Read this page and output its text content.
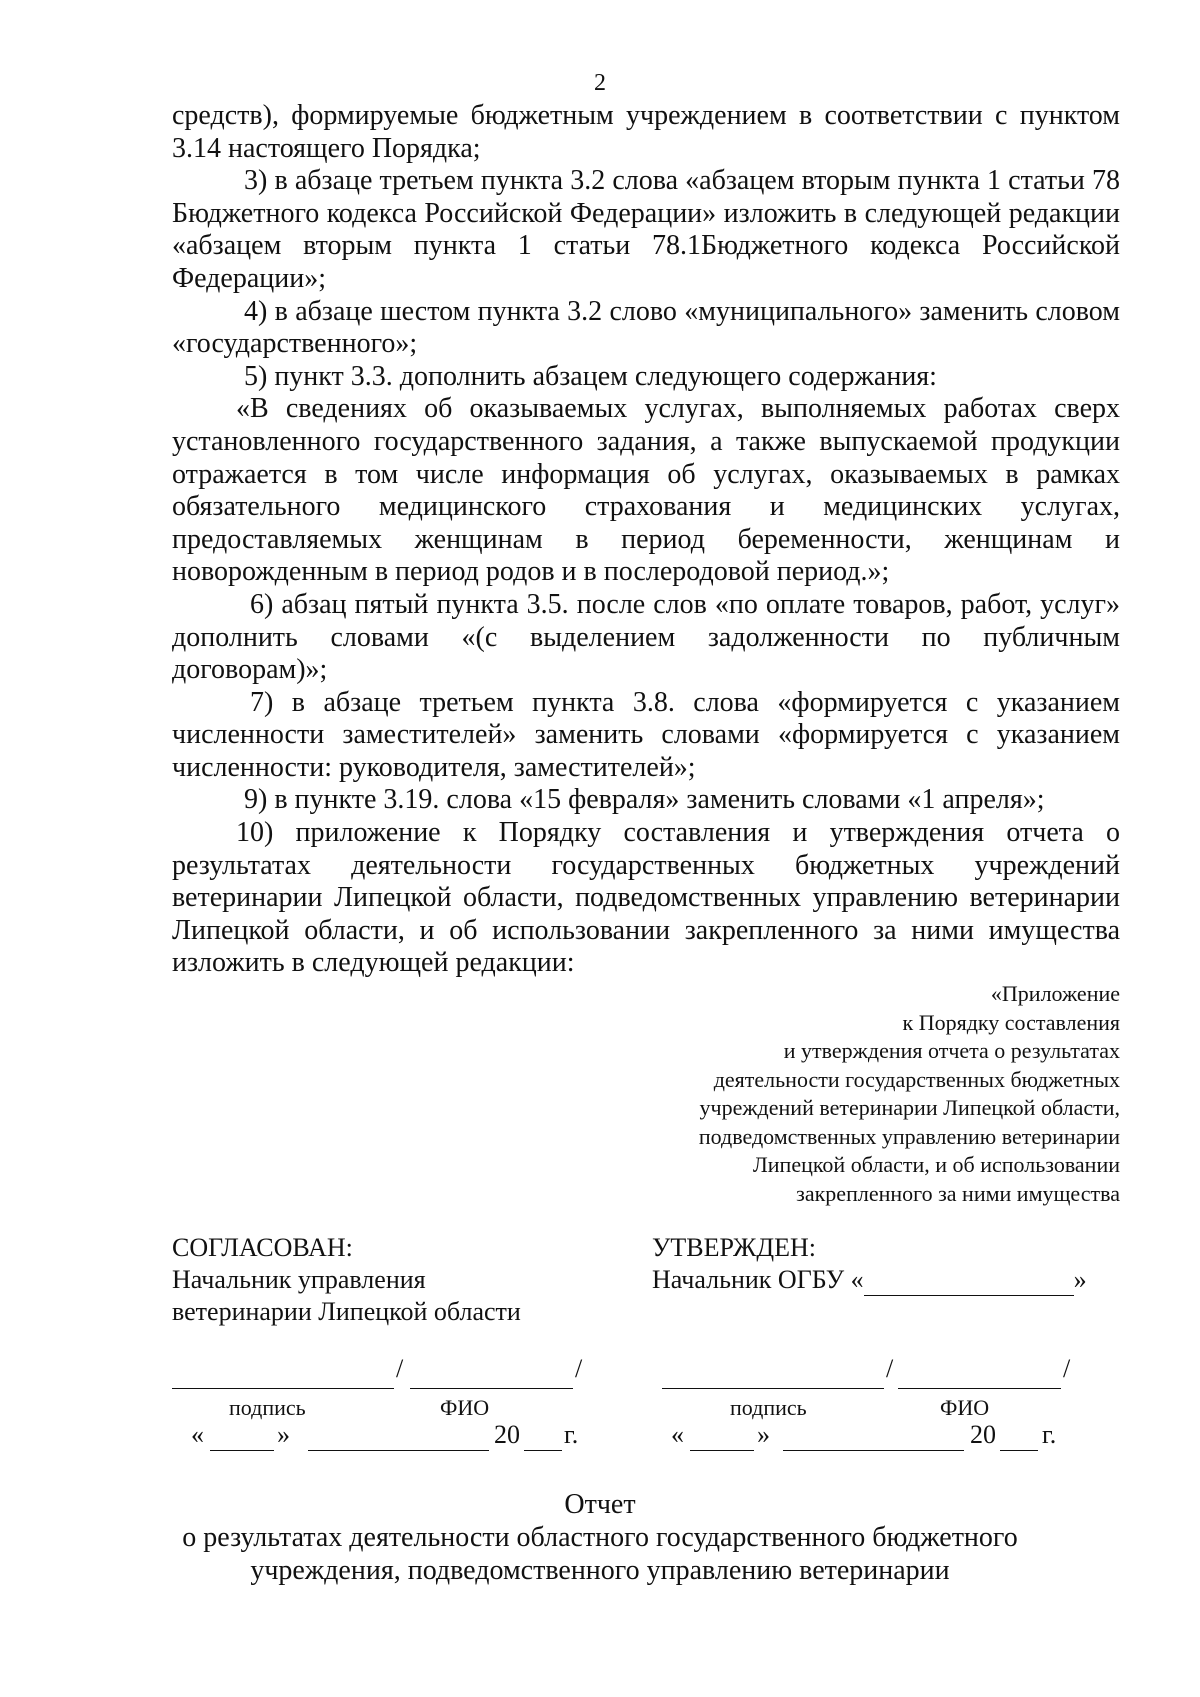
2

средств), формируемые бюджетным учреждением в соответствии с пунктом 3.14 настоящего Порядка;

3) в абзаце третьем пункта 3.2 слова «абзацем вторым пункта 1 статьи 78 Бюджетного кодекса Российской Федерации» изложить в следующей редакции «абзацем вторым пункта 1 статьи 78.1Бюджетного кодекса Российской Федерации»;

4) в абзаце шестом пункта 3.2 слово «муниципального» заменить словом «государственного»;

5) пункт 3.3. дополнить абзацем следующего содержания:

«В сведениях об оказываемых услугах, выполняемых работах сверх установленного государственного задания, а также выпускаемой продукции отражается в том числе информация об услугах, оказываемых в рамках обязательного медицинского страхования и медицинских услугах, предоставляемых женщинам в период беременности, женщинам и новорожденным в период родов и в послеродовой период.»;

6) абзац пятый пункта 3.5. после слов «по оплате товаров, работ, услуг» дополнить словами «(с выделением задолженности по публичным договорам)»;

7) в абзаце третьем пункта 3.8. слова «формируется с указанием численности заместителей» заменить словами «формируется с указанием численности: руководителя, заместителей»;

9) в пункте 3.19. слова «15 февраля» заменить словами «1 апреля»;

10) приложение к Порядку составления и утверждения отчета о результатах деятельности государственных бюджетных учреждений ветеринарии Липецкой области, подведомственных управлению ветеринарии Липецкой области, и об использовании закрепленного за ними имущества изложить в следующей редакции:

«Приложение
к Порядку составления
и утверждения отчета о результатах
деятельности государственных бюджетных
учреждений ветеринарии Липецкой области,
подведомственных управлению ветеринарии
Липецкой области, и об использовании
закрепленного за ними имущества
СОГЛАСОВАН:
Начальник управления
ветеринарии Липецкой области
УТВЕРЖДЕН:
Начальник ОГБУ «	»
/	/
подпись	ФИО
«	»	20 г.
/	/
подпись	ФИО
«	»	20 г.
Отчет
о результатах деятельности областного государственного бюджетного
учреждения, подведомственного управлению ветеринарии
